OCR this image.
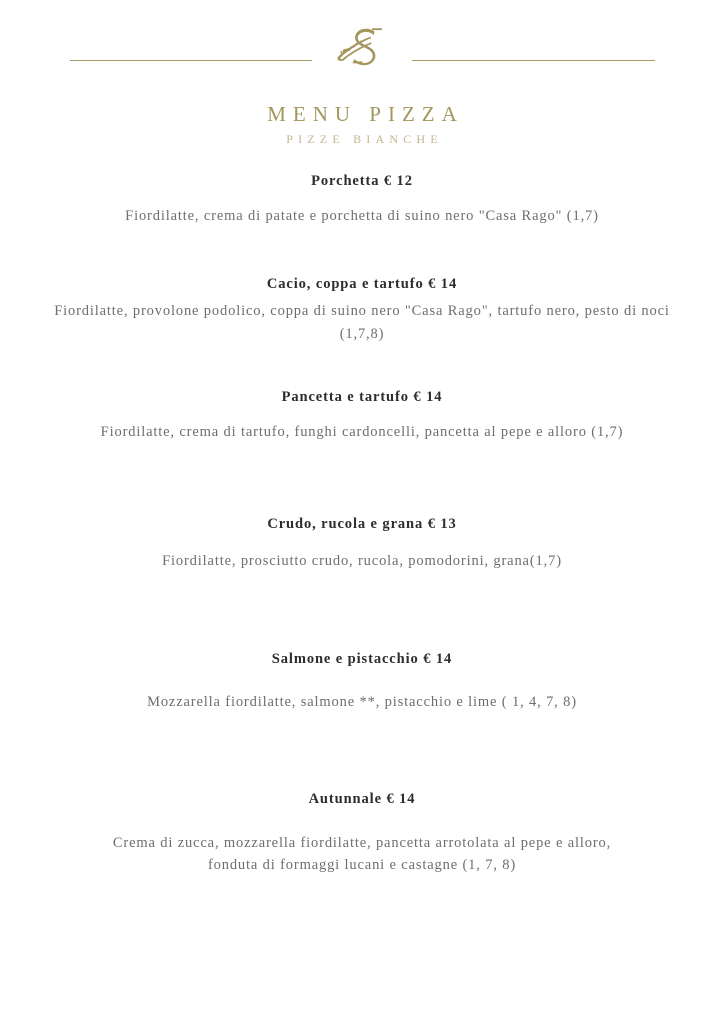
MENU PIZZA
PIZZE BIANCHE
Porchetta € 12
Fiordilatte, crema di patate e porchetta di suino nero "Casa Rago" (1,7)
Cacio, coppa e tartufo € 14
Fiordilatte, provolone podolico, coppa di suino nero "Casa Rago", tartufo nero, pesto di noci (1,7,8)
Pancetta e tartufo € 14
Fiordilatte, crema di tartufo, funghi cardoncelli, pancetta al pepe e alloro (1,7)
Crudo, rucola e grana € 13
Fiordilatte, prosciutto crudo, rucola, pomodorini, grana(1,7)
Salmone e pistacchio € 14
Mozzarella fiordilatte, salmone **, pistacchio e lime ( 1, 4, 7, 8)
Autunnale € 14
Crema di zucca, mozzarella fiordilatte, pancetta arrotolata al pepe e alloro, fonduta di formaggi lucani e castagne (1, 7, 8)
